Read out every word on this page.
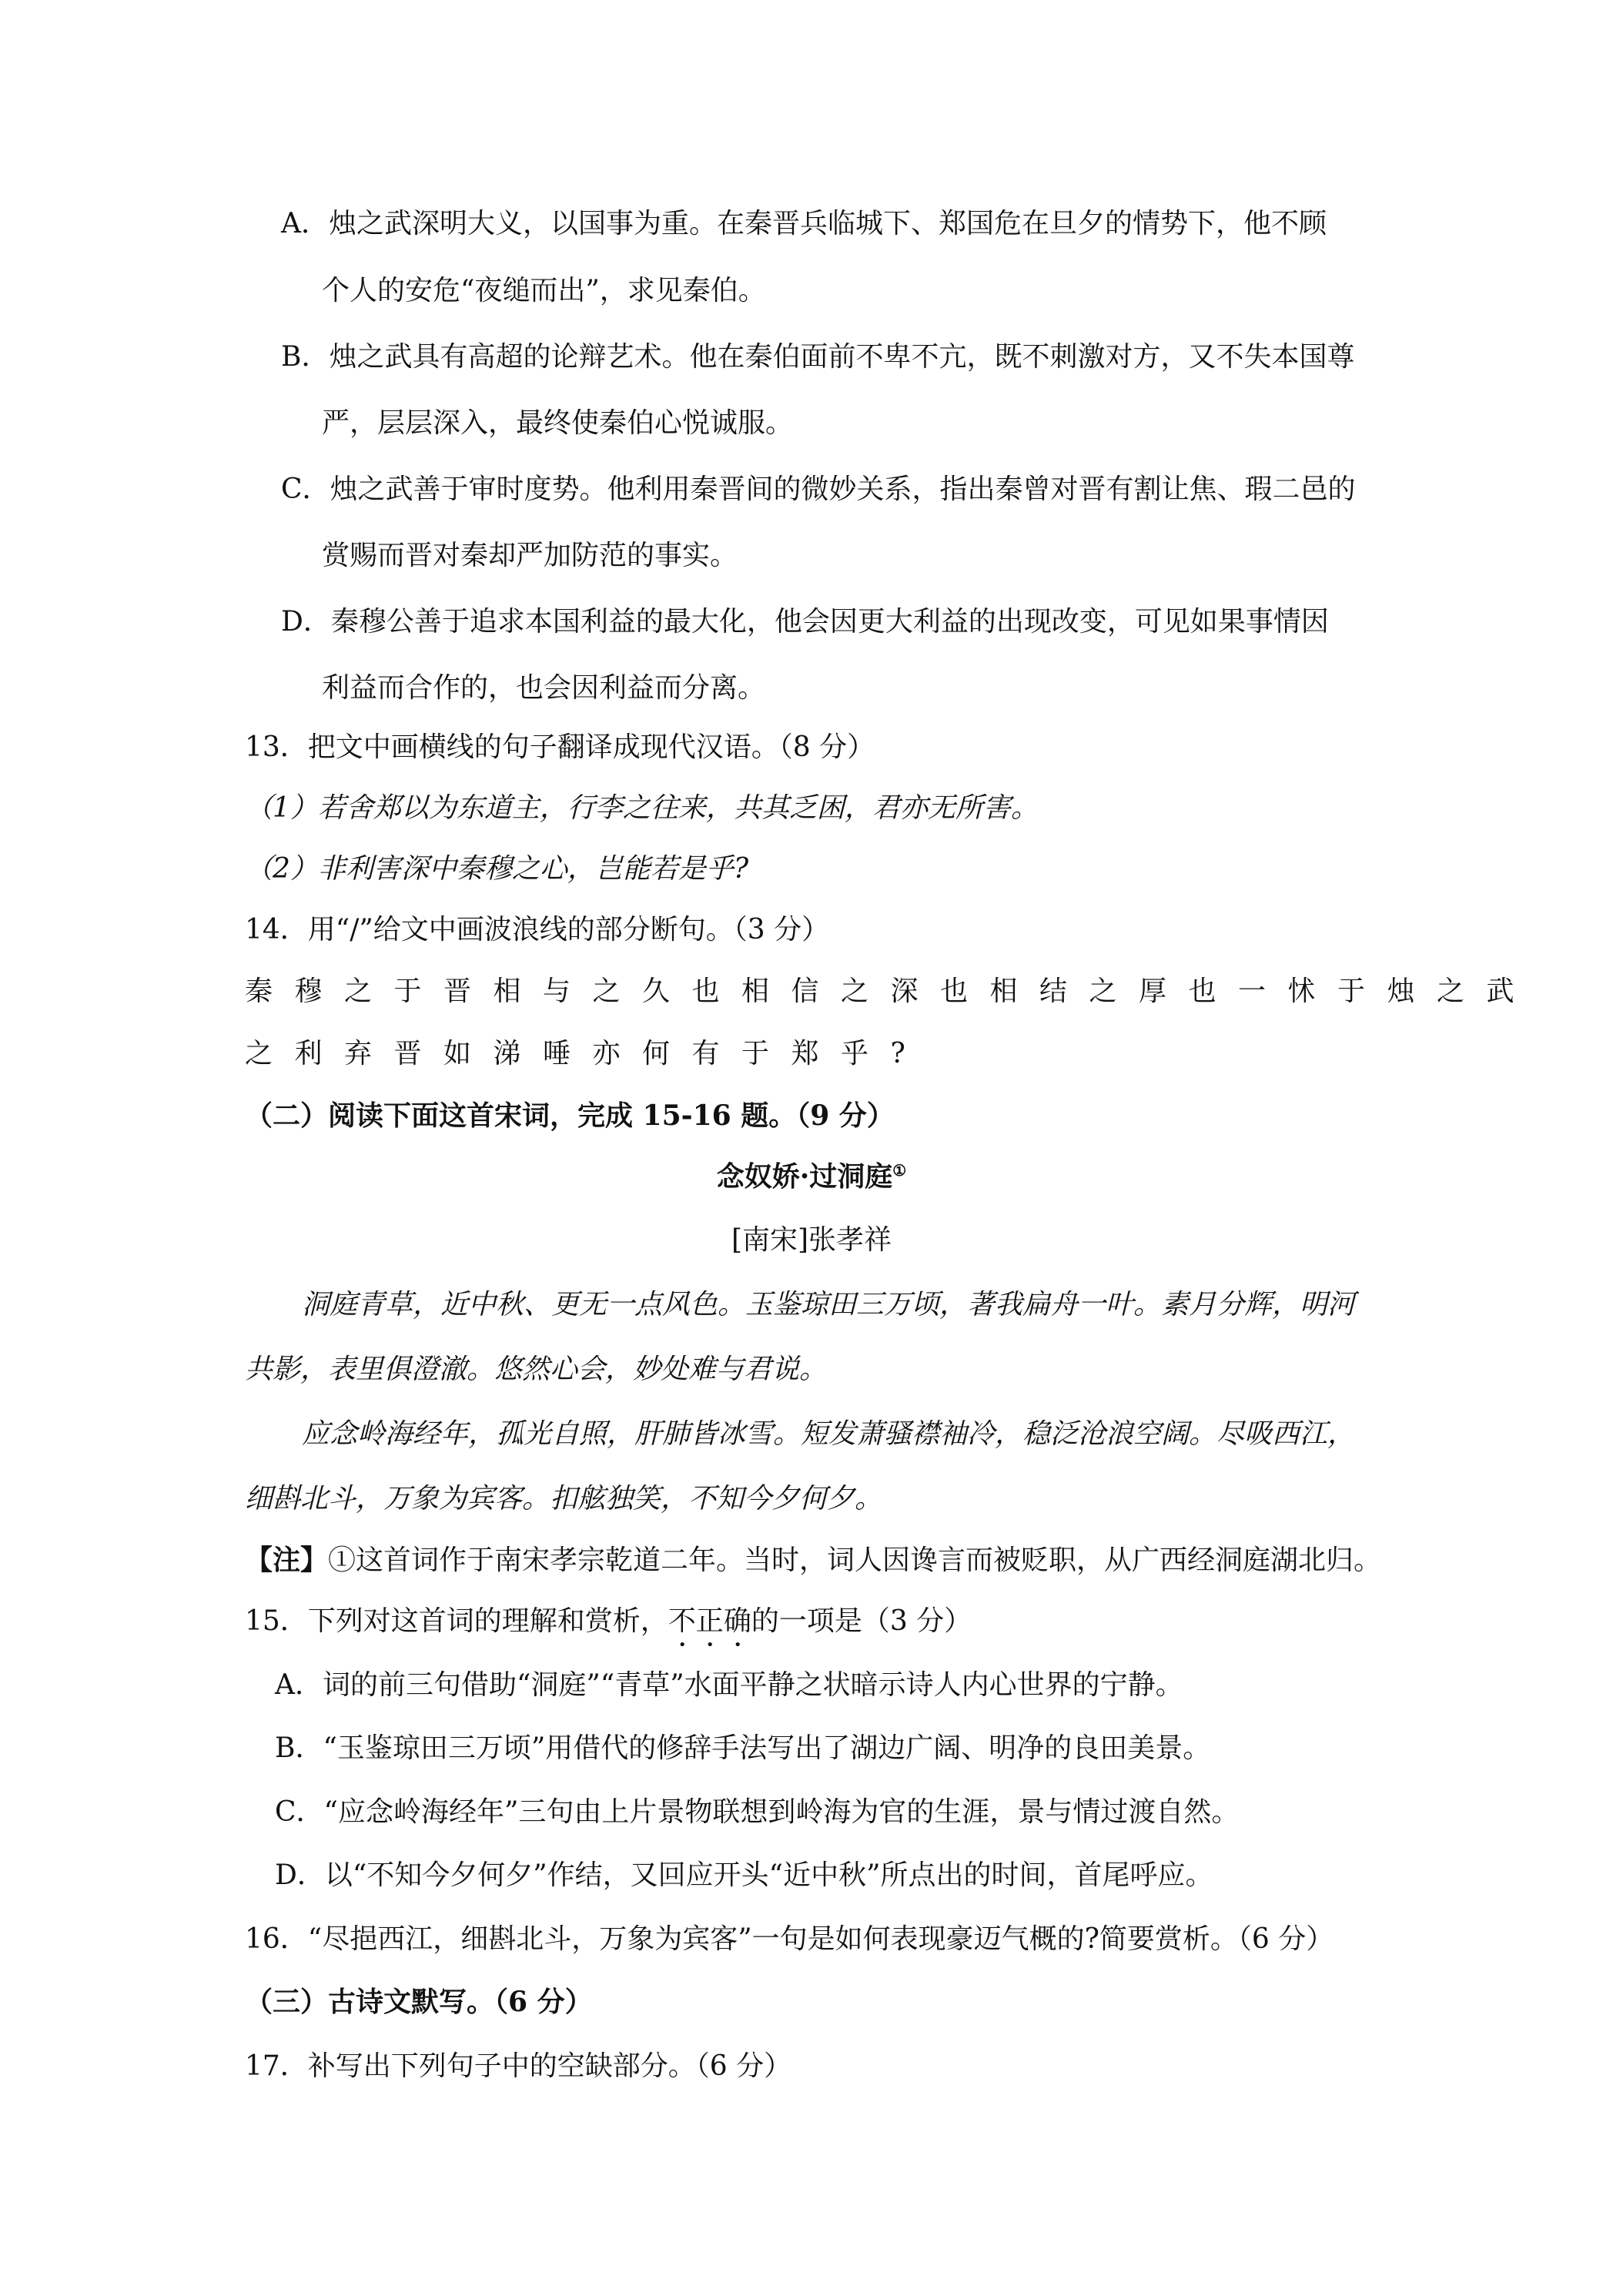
A．烛之武深明大义，以国事为重。在秦晋兵临城下、郑国危在旦夕的情势下，他不顾
个人的安危“夜缒而出”，求见秦伯。
B．烛之武具有高超的论辩艺术。他在秦伯面前不卑不亢，既不刺激对方，又不失本国尊
严，层层深入，最终使秦伯心悦诚服。
C．烛之武善于审时度势。他利用秦晋间的微妙关系，指出秦曾对晋有割让焦、瑕二邑的
赏赐而晋对秦却严加防范的事实。
D．秦穆公善于追求本国利益的最大化，他会因更大利益的出现改变，可见如果事情因
利益而合作的，也会因利益而分离。
13．把文中画横线的句子翻译成现代汉语。（8 分）
（1）若舍郑以为东道主，行李之往来，共其乏困，君亦无所害。
（2）非利害深中秦穆之心，岂能若是乎?
14．用“/”给文中画波浪线的部分断句。（3 分）
秦穆之于晋相与之久也相信之深也相结之厚也一怵于烛之武
之利弃晋如涕唾亦何有于郑乎?
（二）阅读下面这首宋词，完成 15-16 题。（9 分）
念奴娇·过洞庭①
[南宋]张孝祥
洞庭青草，近中秋、更无一点风色。玉鉴琼田三万顷，著我扁舟一叶。素月分辉，明河
共影，表里俱澄澈。悠然心会，妙处难与君说。
应念岭海经年，孤光自照，肝肺皆冰雪。短发萧骚襟袖冷，稳泛沧浪空阔。尽吸西江，
细斟北斗，万象为宾客。扣舷独笑，不知今夕何夕。
【注】①这首词作于南宋孝宗乾道二年。当时，词人因谗言而被贬职，从广西经洞庭湖北归。
15．下列对这首词的理解和赏析，不正确的一项是（3 分）
A．词的前三句借助“洞庭”“青草”水面平静之状暗示诗人内心世界的宁静。
B．“玉鉴琼田三万顷”用借代的修辞手法写出了湖边广阔、明净的良田美景。
C．“应念岭海经年”三句由上片景物联想到岭海为官的生涯，景与情过渡自然。
D．以“不知今夕何夕”作结，又回应开头“近中秋”所点出的时间，首尾呼应。
16．“尽挹西江，细斟北斗，万象为宾客”一句是如何表现豪迈气概的?简要赏析。（6 分）
（三）古诗文默写。（6 分）
17．补写出下列句子中的空缺部分。（6 分）
